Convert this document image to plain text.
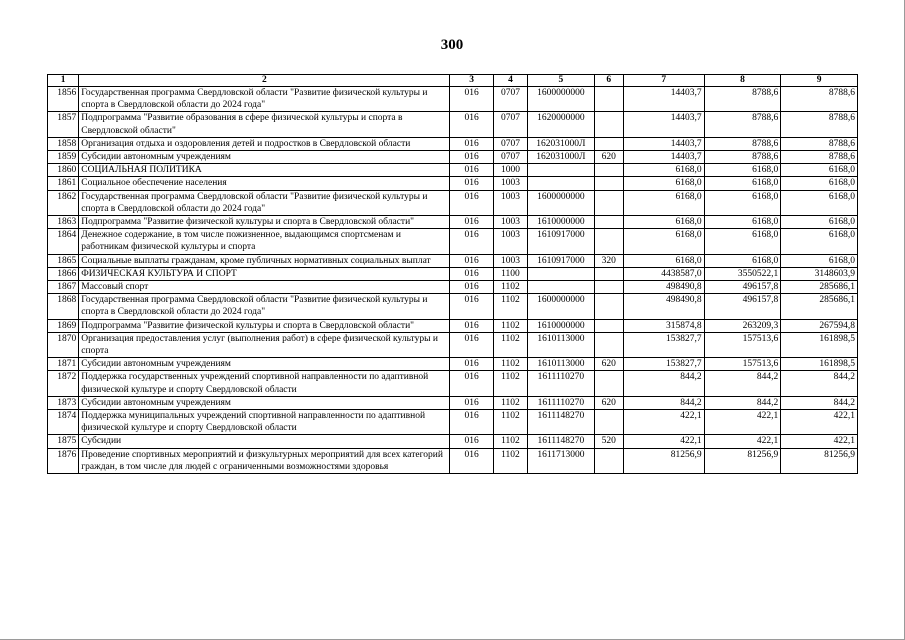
300
1	2	3	4	5	6	7	8	9
1856	Государственная программа Свердловской области "Развитие физической культуры и спорта в Свердловской области до 2024 года"	016	0707	1600000000		14403,7	8788,6	8788,6
1857	Подпрограмма "Развитие образования в сфере физической культуры и спорта в Свердловской области"	016	0707	1620000000		14403,7	8788,6	8788,6
1858	Организация отдыха и оздоровления детей и подростков в Свердловской области	016	0707	162031000Л		14403,7	8788,6	8788,6
1859	Субсидии автономным учреждениям	016	0707	162031000Л	620	14403,7	8788,6	8788,6
1860	СОЦИАЛЬНАЯ ПОЛИТИКА	016	1000			6168,0	6168,0	6168,0
1861	Социальное обеспечение населения	016	1003			6168,0	6168,0	6168,0
1862	Государственная программа Свердловской области "Развитие физической культуры и спорта в Свердловской области до 2024 года"	016	1003	1600000000		6168,0	6168,0	6168,0
1863	Подпрограмма "Развитие физической культуры и спорта в Свердловской области"	016	1003	1610000000		6168,0	6168,0	6168,0
1864	Денежное содержание, в том числе пожизненное, выдающимся спортсменам и работникам физической культуры и спорта	016	1003	1610917000		6168,0	6168,0	6168,0
1865	Социальные выплаты гражданам, кроме публичных нормативных социальных выплат	016	1003	1610917000	320	6168,0	6168,0	6168,0
1866	ФИЗИЧЕСКАЯ КУЛЬТУРА И СПОРТ	016	1100			4438587,0	3550522,1	3148603,9
1867	Массовый спорт	016	1102			498490,8	496157,8	285686,1
1868	Государственная программа Свердловской области "Развитие физической культуры и спорта в Свердловской области до 2024 года"	016	1102	1600000000		498490,8	496157,8	285686,1
1869	Подпрограмма "Развитие физической культуры и спорта в Свердловской области"	016	1102	1610000000		315874,8	263209,3	267594,8
1870	Организация предоставления услуг (выполнения работ) в сфере физической культуры и спорта	016	1102	1610113000		153827,7	157513,6	161898,5
1871	Субсидии автономным учреждениям	016	1102	1610113000	620	153827,7	157513,6	161898,5
1872	Поддержка государственных учреждений спортивной направленности по адаптивной физической культуре и спорту Свердловской области	016	1102	1611110270		844,2	844,2	844,2
1873	Субсидии автономным учреждениям	016	1102	1611110270	620	844,2	844,2	844,2
1874	Поддержка муниципальных учреждений спортивной направленности по адаптивной физической культуре и спорту Свердловской области	016	1102	1611148270		422,1	422,1	422,1
1875	Субсидии	016	1102	1611148270	520	422,1	422,1	422,1
1876	Проведение спортивных мероприятий и физкультурных мероприятий для всех категорий граждан, в том числе для людей с ограниченными возможностями здоровья	016	1102	1611713000		81256,9	81256,9	81256,9
